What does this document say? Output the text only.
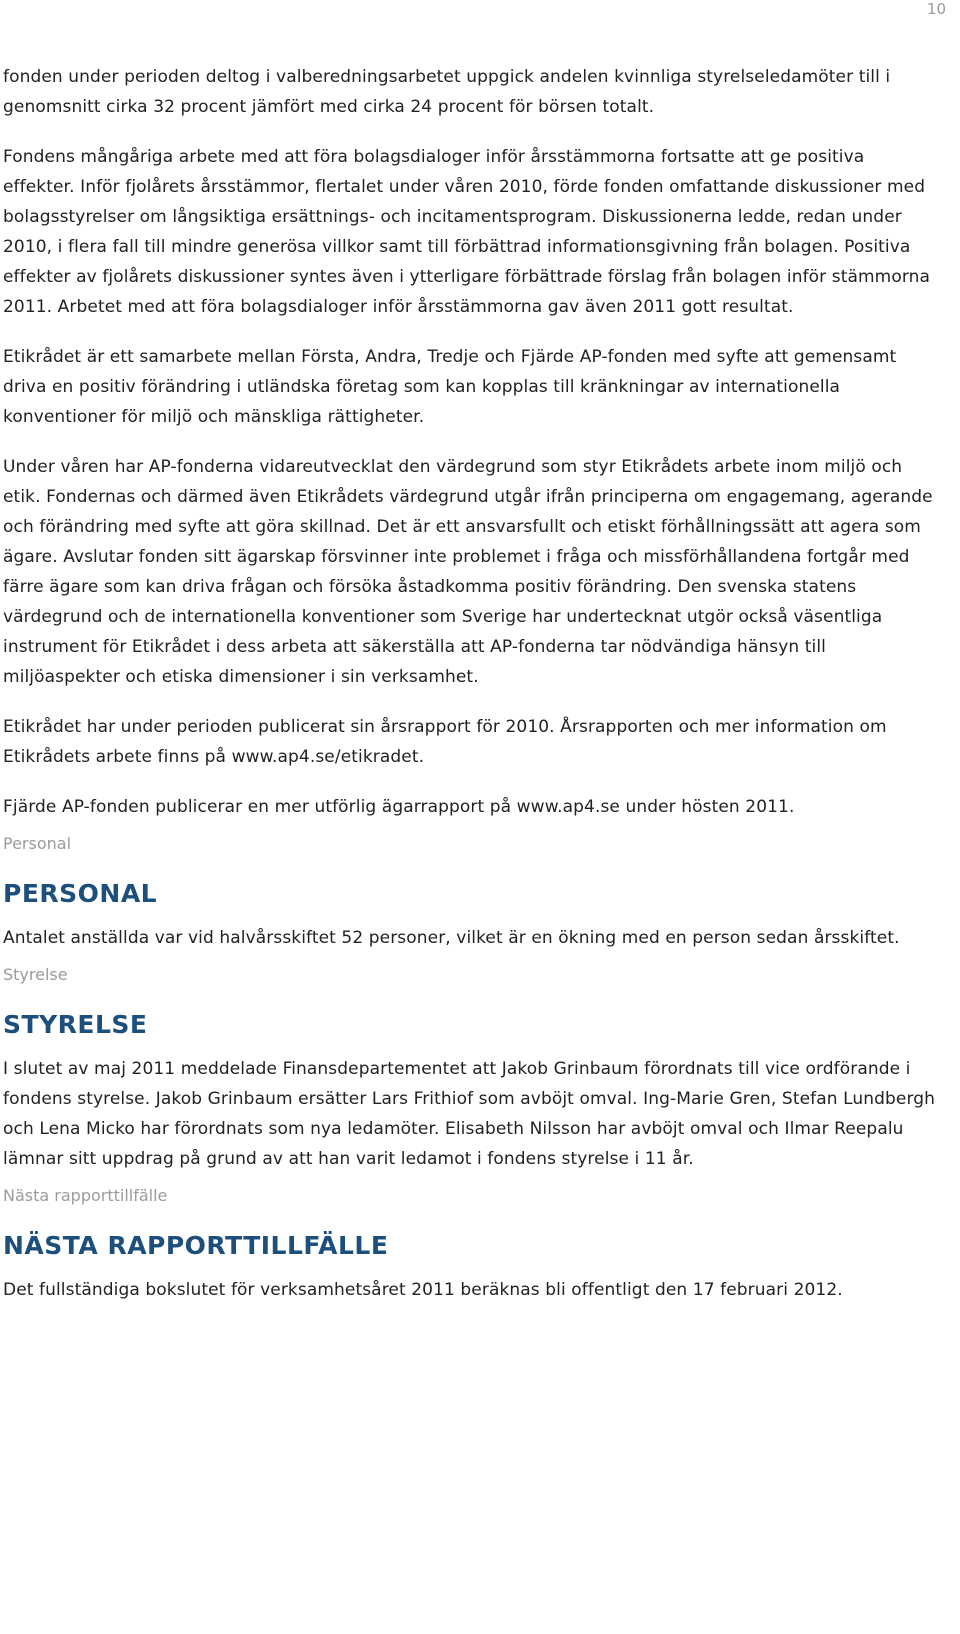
10

fonden under perioden deltog i valberedningsarbetet uppgick andelen kvinnliga styrelseledamöter till i genomsnitt cirka 32 procent jämfört med cirka 24 procent för börsen totalt.

Fondens mångåriga arbete med att föra bolagsdialoger inför årsstämmorna fortsatte att ge positiva effekter. Inför fjolårets årsstämmor, flertalet under våren 2010, förde fonden omfattande diskussioner med bolagsstyrelser om långsiktiga ersättnings- och incitamentsprogram. Diskussionerna ledde, redan under 2010, i flera fall till mindre generösa villkor samt till förbättrad informationsgivning från bolagen. Positiva effekter av fjolårets diskussioner syntes även i ytterligare förbättrade förslag från bolagen inför stämmorna 2011. Arbetet med att föra bolagsdialoger inför årsstämmorna gav även 2011 gott resultat.

Etikrådet är ett samarbete mellan Första, Andra, Tredje och Fjärde AP-fonden med syfte att gemensamt driva en positiv förändring i utländska företag som kan kopplas till kränkningar av internationella konventioner för miljö och mänskliga rättigheter.

Under våren har AP-fonderna vidareutvecklat den värdegrund som styr Etikrådets arbete inom miljö och etik. Fondernas och därmed även Etikrådets värdegrund utgår ifrån principerna om engagemang, agerande och förändring med syfte att göra skillnad. Det är ett ansvarsfullt och etiskt förhållningssätt att agera som ägare. Avslutar fonden sitt ägarskap försvinner inte problemet i fråga och missförhållandena fortgår med färre ägare som kan driva frågan och försöka åstadkomma positiv förändring. Den svenska statens värdegrund och de internationella konventioner som Sverige har undertecknat utgör också väsentliga instrument för Etikrådet i dess arbeta att säkerställa att AP-fonderna tar nödvändiga hänsyn till miljöaspekter och etiska dimensioner i sin verksamhet.

Etikrådet har under perioden publicerat sin årsrapport för 2010. Årsrapporten och mer information om Etikrådets arbete finns på www.ap4.se/etikradet.

Fjärde AP-fonden publicerar en mer utförlig ägarrapport på www.ap4.se under hösten 2011.

Personal
PERSONAL

Antalet anställda var vid halvårsskiftet 52 personer, vilket är en ökning med en person sedan årsskiftet.

Styrelse
STYRELSE

I slutet av maj 2011 meddelade Finansdepartementet att Jakob Grinbaum förordnats till vice ordförande i fondens styrelse. Jakob Grinbaum ersätter Lars Frithiof som avböjt omval. Ing-Marie Gren, Stefan Lundbergh och Lena Micko har förordnats som nya ledamöter. Elisabeth Nilsson har avböjt omval och Ilmar Reepalu lämnar sitt uppdrag på grund av att han varit ledamot i fondens styrelse i 11 år.

Nästa rapporttillfälle
NÄSTA RAPPORTTILLFÄLLE

Det fullständiga bokslutet för verksamhetsåret 2011 beräknas bli offentligt den 17 februari 2012.
